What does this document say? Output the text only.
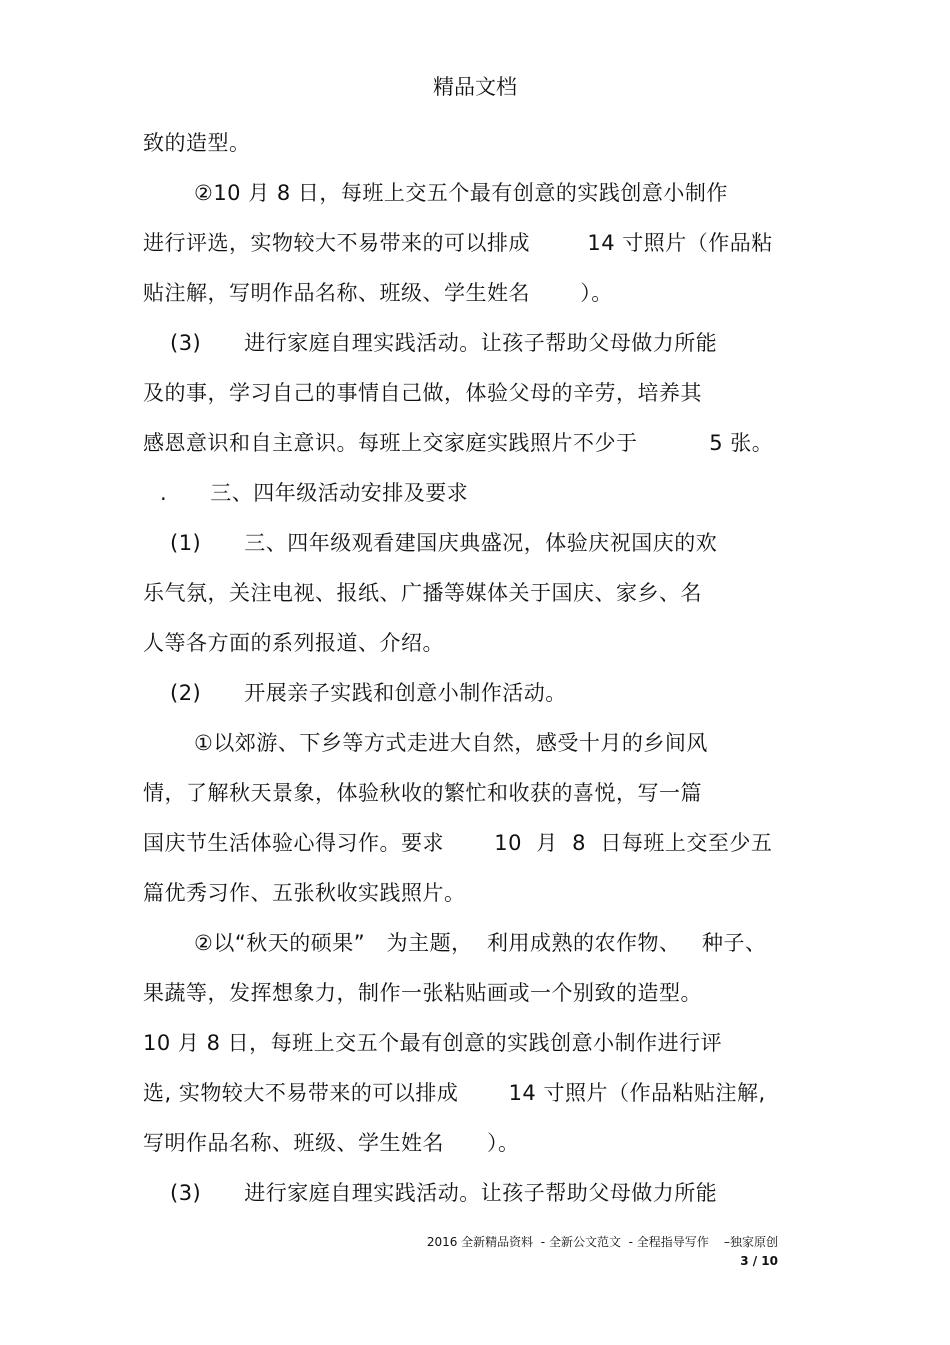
精品文档
致的造型。
②10 月 8 日，每班上交五个最有创意的实践创意小制作
进行评选，实物较大不易带来的可以排成        14 寸照片（作品粘
贴注解，写明作品名称、班级、学生姓名       ）。
(3)      进行家庭自理实践活动。让孩子帮助父母做力所能
及的事，学习自己的事情自己做，体验父母的辛劳，培养其
感恩意识和自主意识。每班上交家庭实践照片不少于          5 张。
.      三、四年级活动安排及要求
(1)      三、四年级观看建国庆典盛况，体验庆祝国庆的欢
乐气氛，关注电视、报纸、广播等媒体关于国庆、家乡、名
人等各方面的系列报道、介绍。
(2)      开展亲子实践和创意小制作活动。
①以郊游、下乡等方式走进大自然，感受十月的乡间风
情，了解秋天景象，体验秋收的繁忙和收获的喜悦，写一篇
国庆节生活体验心得习作。要求       10  月  8  日每班上交至少五
篇优秀习作、五张秋收实践照片。
②以“秋天的硕果”   为主题，  利用成熟的农作物、   种子、
果蔬等，发挥想象力，制作一张粘贴画或一个别致的造型。
10 月 8 日，每班上交五个最有创意的实践创意小制作进行评
选, 实物较大不易带来的可以排成       14 寸照片（作品粘贴注解,
写明作品名称、班级、学生姓名      ）。
(3)      进行家庭自理实践活动。让孩子帮助父母做力所能
2016 全新精品资料  - 全新公文范文  - 全程指导写作    –独家原创
3 / 10
